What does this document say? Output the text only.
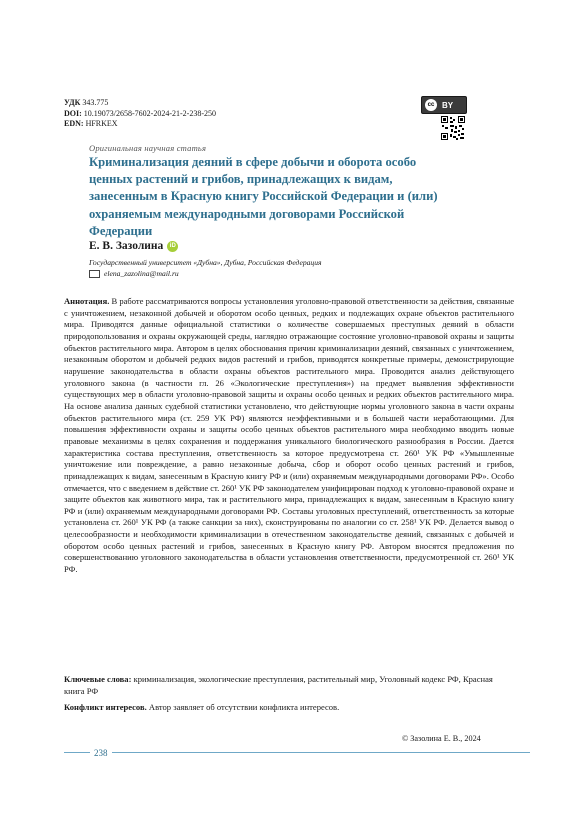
УДК 343.775
DOI: 10.19073/2658-7602-2024-21-2-238-250
EDN: HFRKEX
cc BY
Оригинальная научная статья
Криминализация деяний в сфере добычи и оборота особо ценных растений и грибов, принадлежащих к видам, занесенным в Красную книгу Российской Федерации и (или) охраняемым международными договорами Российской Федерации
Е. В. Зазолина	iD
Государственный университет «Дубна», Дубна, Российская Федерация
elena_zazolina@mail.ru

Аннотация. В работе рассматриваются вопросы установления уголовно-правовой ответственности за действия, связанные с уничтожением, незаконной добычей и оборотом особо ценных, редких и подлежащих охране объектов растительного мира. Приводятся данные официальной статистики о количестве совершаемых преступных деяний в области природопользования и охраны окружающей среды, наглядно отражающие состояние уголовно-правовой охраны и защиты объектов растительного мира. Автором в целях обоснования причин криминализации деяний, связанных с уничтожением, незаконным оборотом и добычей редких видов растений и грибов, приводятся конкретные примеры, демонстрирующие нарушение законодательства в области охраны объектов растительного мира. Проводится анализ действующего уголовного закона (в частности гл. 26 «Экологические преступления») на предмет выявления эффективности существующих мер в области уголовно-правовой защиты и охраны особо ценных и редких объектов растительного мира. На основе анализа данных судебной статистики установлено, что действующие нормы уголовного закона в части охраны объектов растительного мира (ст. 259 УК РФ) являются неэффективными и в большей части неработающими. Для повышения эффективности охраны и защиты особо ценных объектов растительного мира необходимо вводить новые правовые механизмы в целях сохранения и поддержания уникального биологического разнообразия в России. Дается характеристика состава преступления, ответственность за которое предусмотрена ст. 260¹ УК РФ «Умышленные уничтожение или повреждение, а равно незаконные добыча, сбор и оборот особо ценных растений и грибов, принадлежащих к видам, занесенным в Красную книгу РФ и (или) охраняемым международными договорами РФ». Особо отмечается, что с введением в действие ст. 260¹ УК РФ законодателем унифицирован подход к уголовно-правовой охране и защите объектов как животного мира, так и растительного мира, принадлежащих к видам, занесенным в Красную книгу РФ и (или) охраняемым международными договорами РФ. Составы уголовных преступлений, ответственность за которые установлена ст. 260¹ УК РФ (а также санкции за них), сконструированы по аналогии со ст. 258¹ УК РФ. Делается вывод о целесообразности и необходимости криминализации в отечественном законодательстве деяний, связанных с добычей и оборотом особо ценных растений и грибов, занесенных в Красную книгу РФ. Автором вносятся предложения по совершенствованию уголовного законодательства в области установления ответственности, предусмотренной ст. 260¹ УК РФ.

Ключевые слова: криминализация, экологические преступления, растительный мир, Уголовный кодекс РФ, Красная книга РФ
Конфликт интересов. Автор заявляет об отсутствии конфликта интересов.
© Зазолина Е. В., 2024
238
